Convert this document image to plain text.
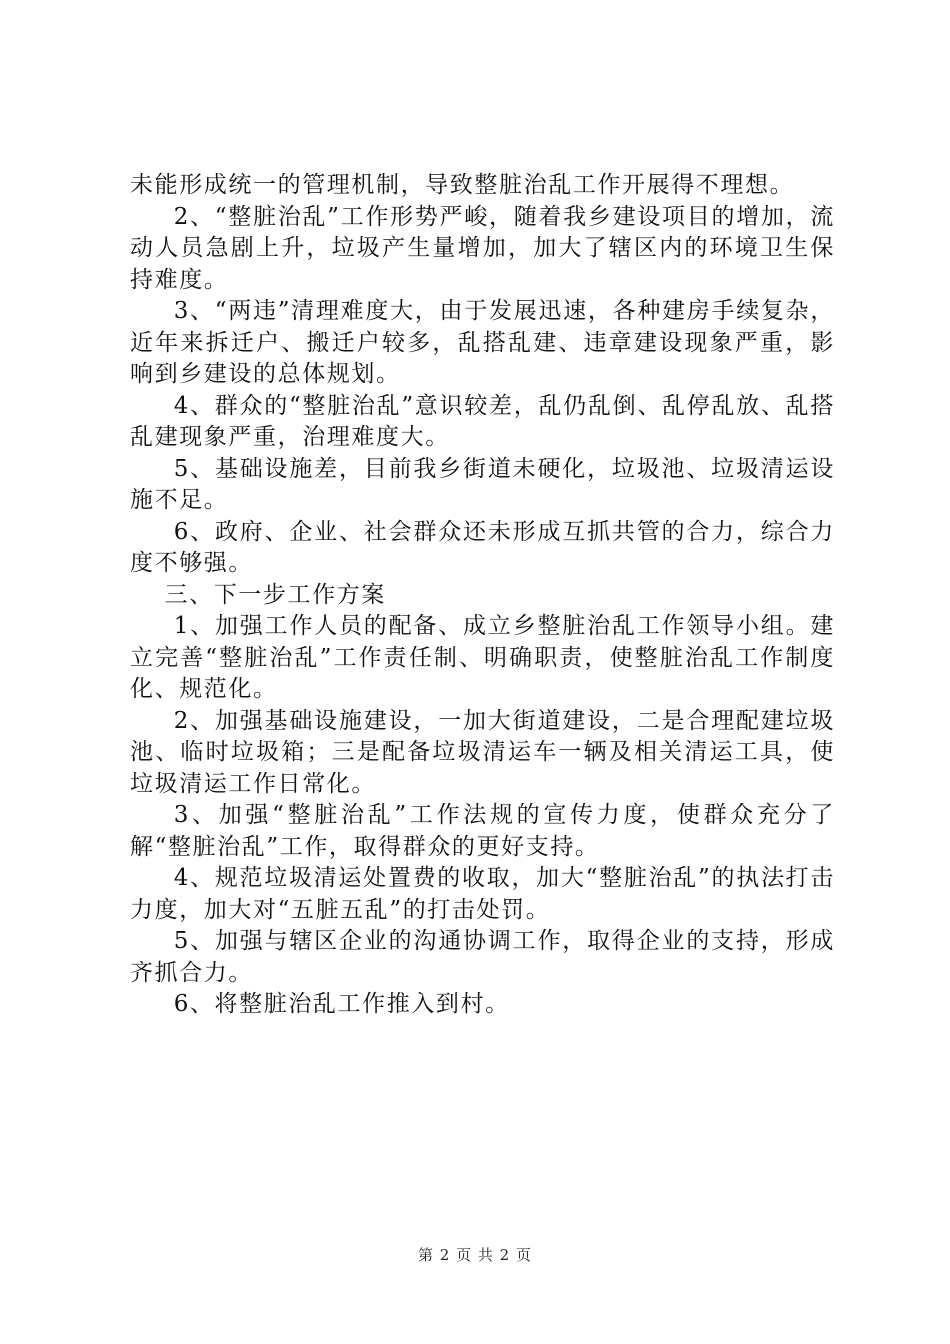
未能形成统一的管理机制，导致整脏治乱工作开展得不理想。

2、“整脏治乱”工作形势严峻，随着我乡建设项目的增加，流动人员急剧上升，垃圾产生量增加，加大了辖区内的环境卫生保持难度。

3、“两违”清理难度大，由于发展迅速，各种建房手续复杂，近年来拆迁户、搬迁户较多，乱搭乱建、违章建设现象严重，影响到乡建设的总体规划。

4、群众的“整脏治乱”意识较差，乱仍乱倒、乱停乱放、乱搭乱建现象严重，治理难度大。

5、基础设施差，目前我乡街道未硬化，垃圾池、垃圾清运设施不足。

6、政府、企业、社会群众还未形成互抓共管的合力，综合力度不够强。

三、下一步工作方案

1、加强工作人员的配备、成立乡整脏治乱工作领导小组。建立完善“整脏治乱”工作责任制、明确职责，使整脏治乱工作制度化、规范化。

2、加强基础设施建设，一加大街道建设，二是合理配建垃圾池、临时垃圾箱；三是配备垃圾清运车一辆及相关清运工具，使垃圾清运工作日常化。

3、加强“整脏治乱”工作法规的宣传力度，使群众充分了解“整脏治乱”工作，取得群众的更好支持。

4、规范垃圾清运处置费的收取，加大“整脏治乱”的执法打击力度，加大对“五脏五乱”的打击处罚。

5、加强与辖区企业的沟通协调工作，取得企业的支持，形成齐抓合力。

6、将整脏治乱工作推入到村。

第 2 页 共 2 页
